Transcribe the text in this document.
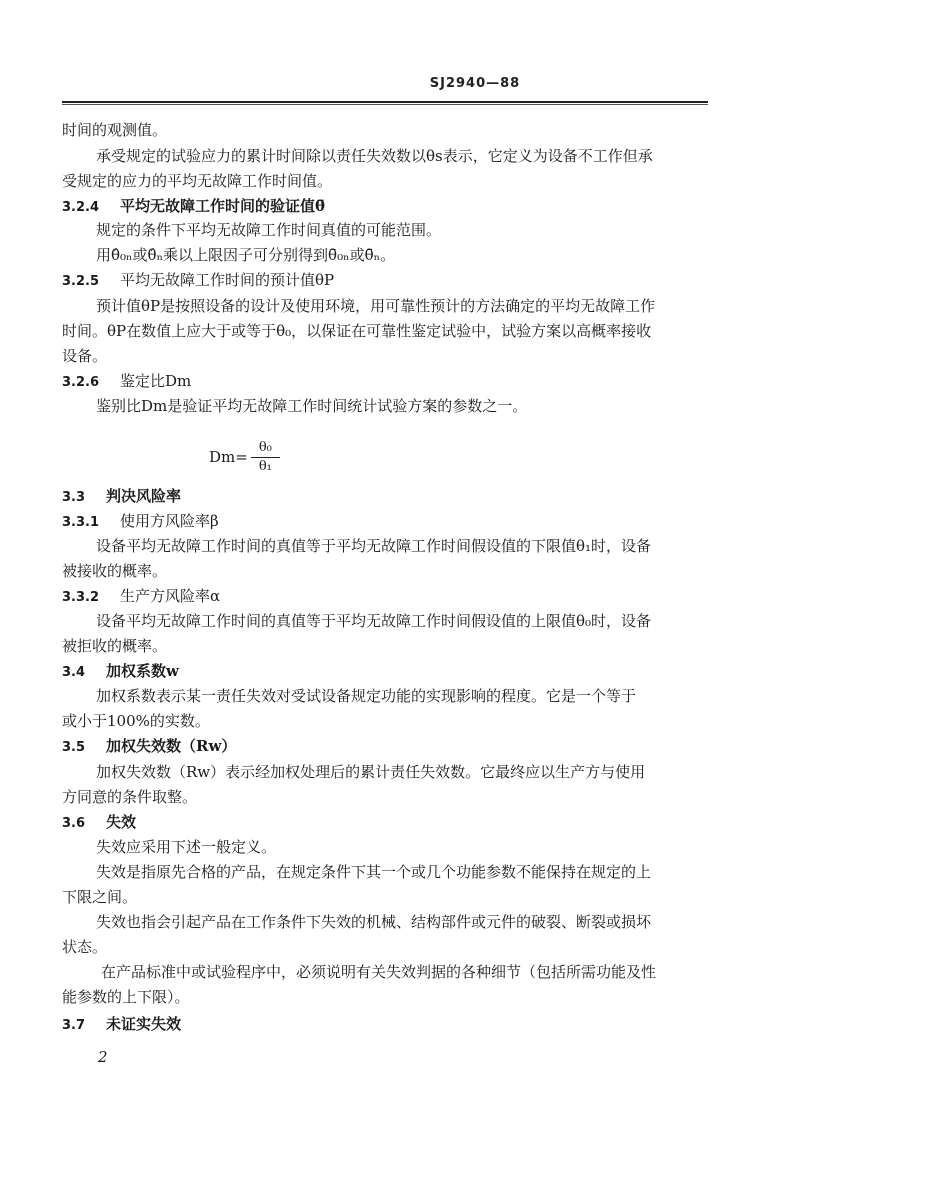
SJ2940—88
时间的观测值。
承受规定的试验应力的累计时间除以责任失效数以θs表示，它定义为设备不工作但承
受规定的应力的平均无故障工作时间值。
3.2.4 平均无故障工作时间的验证值θ̄
规定的条件下平均无故障工作时间真值的可能范围。
用θ̂₀ₙ或θ̂ₙ乘以上限因子可分别得到θ̄₀ₙ或θ̄ₙ。
3.2.5 平均无故障工作时间的预计值θP
预计值θP是按照设备的设计及使用环境，用可靠性预计的方法确定的平均无故障工作
时间。θP在数值上应大于或等于θ₀，以保证在可靠性鉴定试验中，试验方案以高概率接收
设备。
3.2.6 鉴定比Dm
鉴别比Dm是验证平均无故障工作时间统计试验方案的参数之一。
$Dm= \frac{\text{θ₀}}{\text{θ₁}}$
3.3 判决风险率
3.3.1 使用方风险率β
设备平均无故障工作时间的真值等于平均无故障工作时间假设值的下限值θ₁时，设备
被接收的概率。
3.3.2 生产方风险率α
设备平均无故障工作时间的真值等于平均无故障工作时间假设值的上限值θ₀时，设备
被拒收的概率。
3.4 加权系数w
加权系数表示某一责任失效对受试设备规定功能的实现影响的程度。它是一个等于
或小于100%的实数。
3.5 加权失效数（Rw）
加权失效数（Rw）表示经加权处理后的累计责任失效数。它最终应以生产方与使用
方同意的条件取整。
3.6 失效
失效应采用下述一般定义。
失效是指原先合格的产品，在规定条件下其一个或几个功能参数不能保持在规定的上
下限之间。
失效也指会引起产品在工作条件下失效的机械、结构部件或元件的破裂、断裂或损坏
状态。
在产品标准中或试验程序中，必须说明有关失效判据的各种细节（包括所需功能及性
能参数的上下限）。
3.7 未证实失效
2
